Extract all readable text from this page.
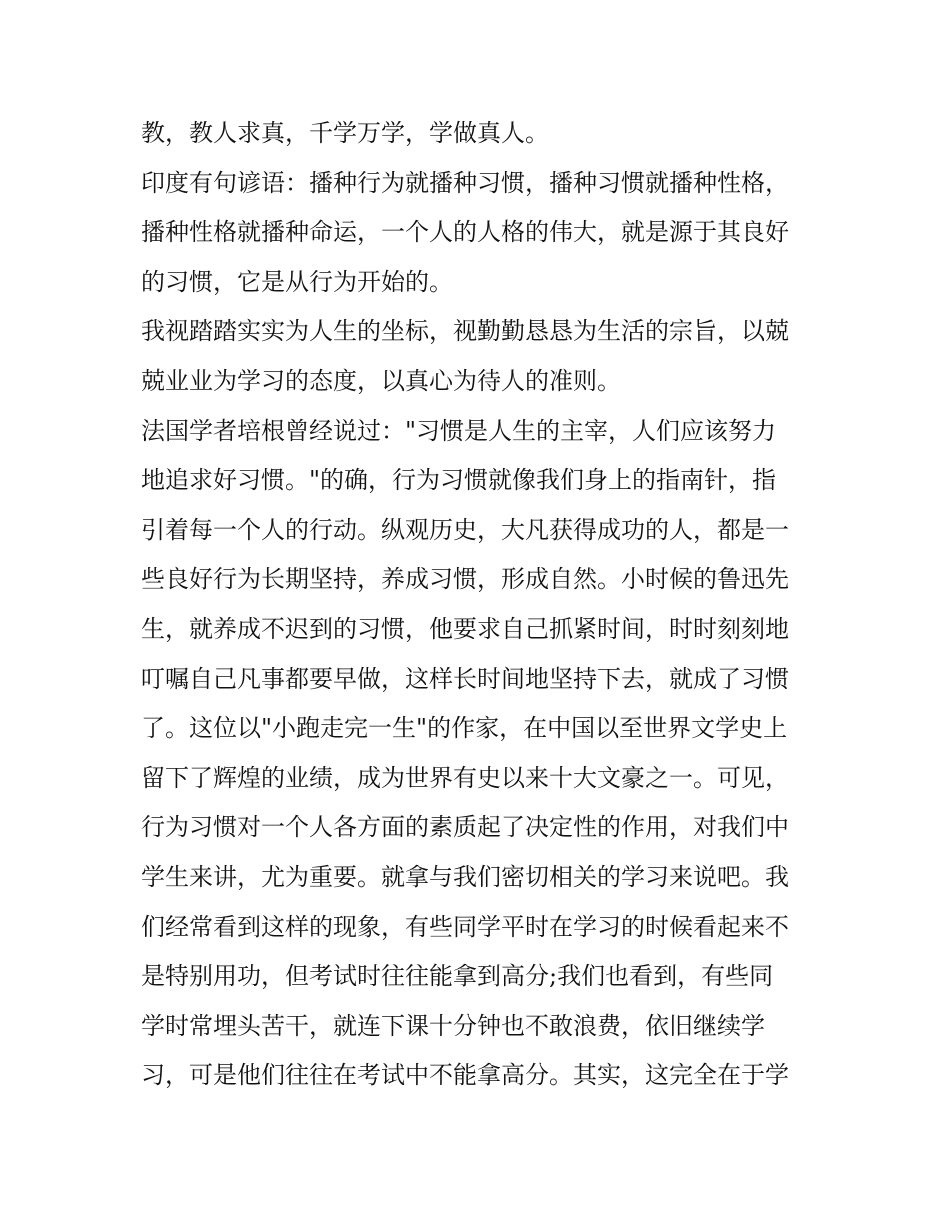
教，教人求真，千学万学，学做真人。
印度有句谚语：播种行为就播种习惯，播种习惯就播种性格，
播种性格就播种命运，一个人的人格的伟大，就是源于其良好
的习惯，它是从行为开始的。
我视踏踏实实为人生的坐标，视勤勤恳恳为生活的宗旨，以兢
兢业业为学习的态度，以真心为待人的准则。
法国学者培根曾经说过："习惯是人生的主宰，人们应该努力
地追求好习惯。"的确，行为习惯就像我们身上的指南针，指
引着每一个人的行动。纵观历史，大凡获得成功的人，都是一
些良好行为长期坚持，养成习惯，形成自然。小时候的鲁迅先
生，就养成不迟到的习惯，他要求自己抓紧时间，时时刻刻地
叮嘱自己凡事都要早做，这样长时间地坚持下去，就成了习惯
了。这位以"小跑走完一生"的作家，在中国以至世界文学史上
留下了辉煌的业绩，成为世界有史以来十大文豪之一。可见，
行为习惯对一个人各方面的素质起了决定性的作用，对我们中
学生来讲，尤为重要。就拿与我们密切相关的学习来说吧。我
们经常看到这样的现象，有些同学平时在学习的时候看起来不
是特别用功，但考试时往往能拿到高分;我们也看到，有些同
学时常埋头苦干，就连下课十分钟也不敢浪费，依旧继续学
习，可是他们往往在考试中不能拿高分。其实，这完全在于学
